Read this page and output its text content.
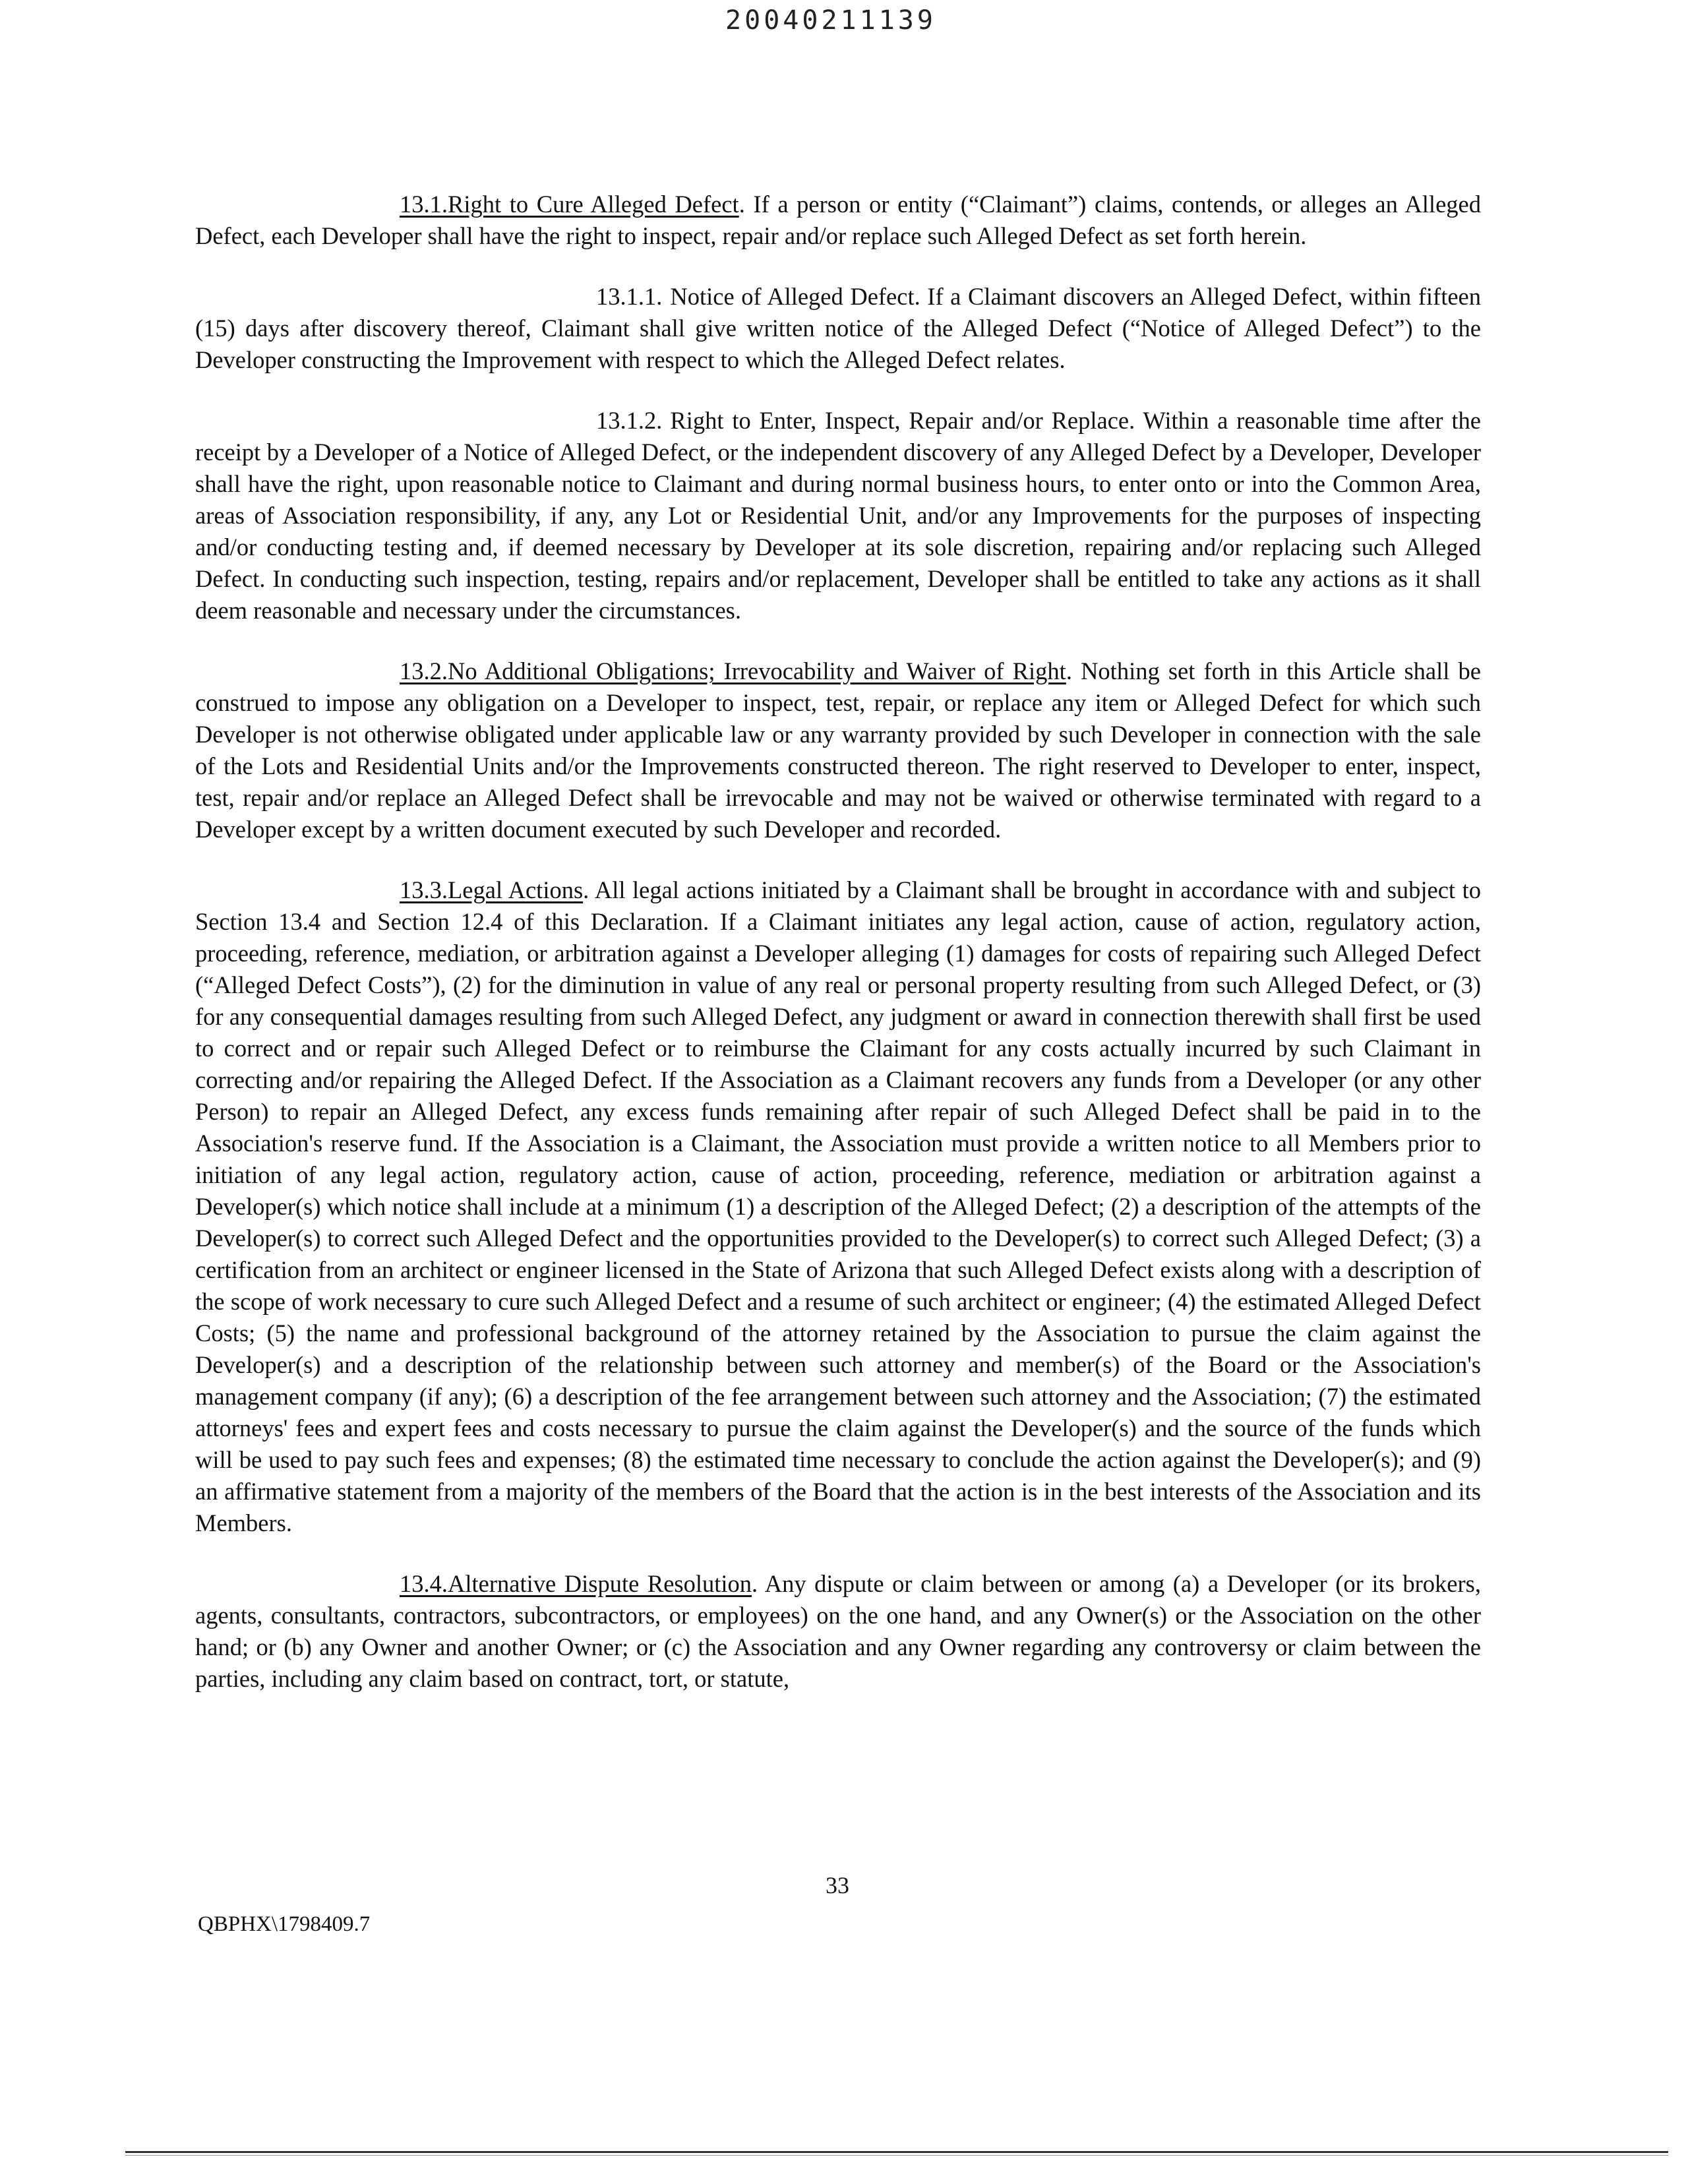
20040211139

13.1.Right to Cure Alleged Defect. If a person or entity (“Claimant”) claims, contends, or alleges an Alleged Defect, each Developer shall have the right to inspect, repair and/or replace such Alleged Defect as set forth herein.

13.1.1. Notice of Alleged Defect. If a Claimant discovers an Alleged Defect, within fifteen (15) days after discovery thereof, Claimant shall give written notice of the Alleged Defect (“Notice of Alleged Defect”) to the Developer constructing the Improvement with respect to which the Alleged Defect relates.

13.1.2. Right to Enter, Inspect, Repair and/or Replace. Within a reasonable time after the receipt by a Developer of a Notice of Alleged Defect, or the independent discovery of any Alleged Defect by a Developer, Developer shall have the right, upon reasonable notice to Claimant and during normal business hours, to enter onto or into the Common Area, areas of Association responsibility, if any, any Lot or Residential Unit, and/or any Improvements for the purposes of inspecting and/or conducting testing and, if deemed necessary by Developer at its sole discretion, repairing and/or replacing such Alleged Defect. In conducting such inspection, testing, repairs and/or replacement, Developer shall be entitled to take any actions as it shall deem reasonable and necessary under the circumstances.

13.2.No Additional Obligations; Irrevocability and Waiver of Right. Nothing set forth in this Article shall be construed to impose any obligation on a Developer to inspect, test, repair, or replace any item or Alleged Defect for which such Developer is not otherwise obligated under applicable law or any warranty provided by such Developer in connection with the sale of the Lots and Residential Units and/or the Improvements constructed thereon. The right reserved to Developer to enter, inspect, test, repair and/or replace an Alleged Defect shall be irrevocable and may not be waived or otherwise terminated with regard to a Developer except by a written document executed by such Developer and recorded.

13.3.Legal Actions. All legal actions initiated by a Claimant shall be brought in accordance with and subject to Section 13.4 and Section 12.4 of this Declaration. If a Claimant initiates any legal action, cause of action, regulatory action, proceeding, reference, mediation, or arbitration against a Developer alleging (1) damages for costs of repairing such Alleged Defect (“Alleged Defect Costs”), (2) for the diminution in value of any real or personal property resulting from such Alleged Defect, or (3) for any consequential damages resulting from such Alleged Defect, any judgment or award in connection therewith shall first be used to correct and or repair such Alleged Defect or to reimburse the Claimant for any costs actually incurred by such Claimant in correcting and/or repairing the Alleged Defect. If the Association as a Claimant recovers any funds from a Developer (or any other Person) to repair an Alleged Defect, any excess funds remaining after repair of such Alleged Defect shall be paid in to the Association's reserve fund. If the Association is a Claimant, the Association must provide a written notice to all Members prior to initiation of any legal action, regulatory action, cause of action, proceeding, reference, mediation or arbitration against a Developer(s) which notice shall include at a minimum (1) a description of the Alleged Defect; (2) a description of the attempts of the Developer(s) to correct such Alleged Defect and the opportunities provided to the Developer(s) to correct such Alleged Defect; (3) a certification from an architect or engineer licensed in the State of Arizona that such Alleged Defect exists along with a description of the scope of work necessary to cure such Alleged Defect and a resume of such architect or engineer; (4) the estimated Alleged Defect Costs; (5) the name and professional background of the attorney retained by the Association to pursue the claim against the Developer(s) and a description of the relationship between such attorney and member(s) of the Board or the Association's management company (if any); (6) a description of the fee arrangement between such attorney and the Association; (7) the estimated attorneys' fees and expert fees and costs necessary to pursue the claim against the Developer(s) and the source of the funds which will be used to pay such fees and expenses; (8) the estimated time necessary to conclude the action against the Developer(s); and (9) an affirmative statement from a majority of the members of the Board that the action is in the best interests of the Association and its Members.

13.4.Alternative Dispute Resolution. Any dispute or claim between or among (a) a Developer (or its brokers, agents, consultants, contractors, subcontractors, or employees) on the one hand, and any Owner(s) or the Association on the other hand; or (b) any Owner and another Owner; or (c) the Association and any Owner regarding any controversy or claim between the parties, including any claim based on contract, tort, or statute,

33
QBPHX\1798409.7
